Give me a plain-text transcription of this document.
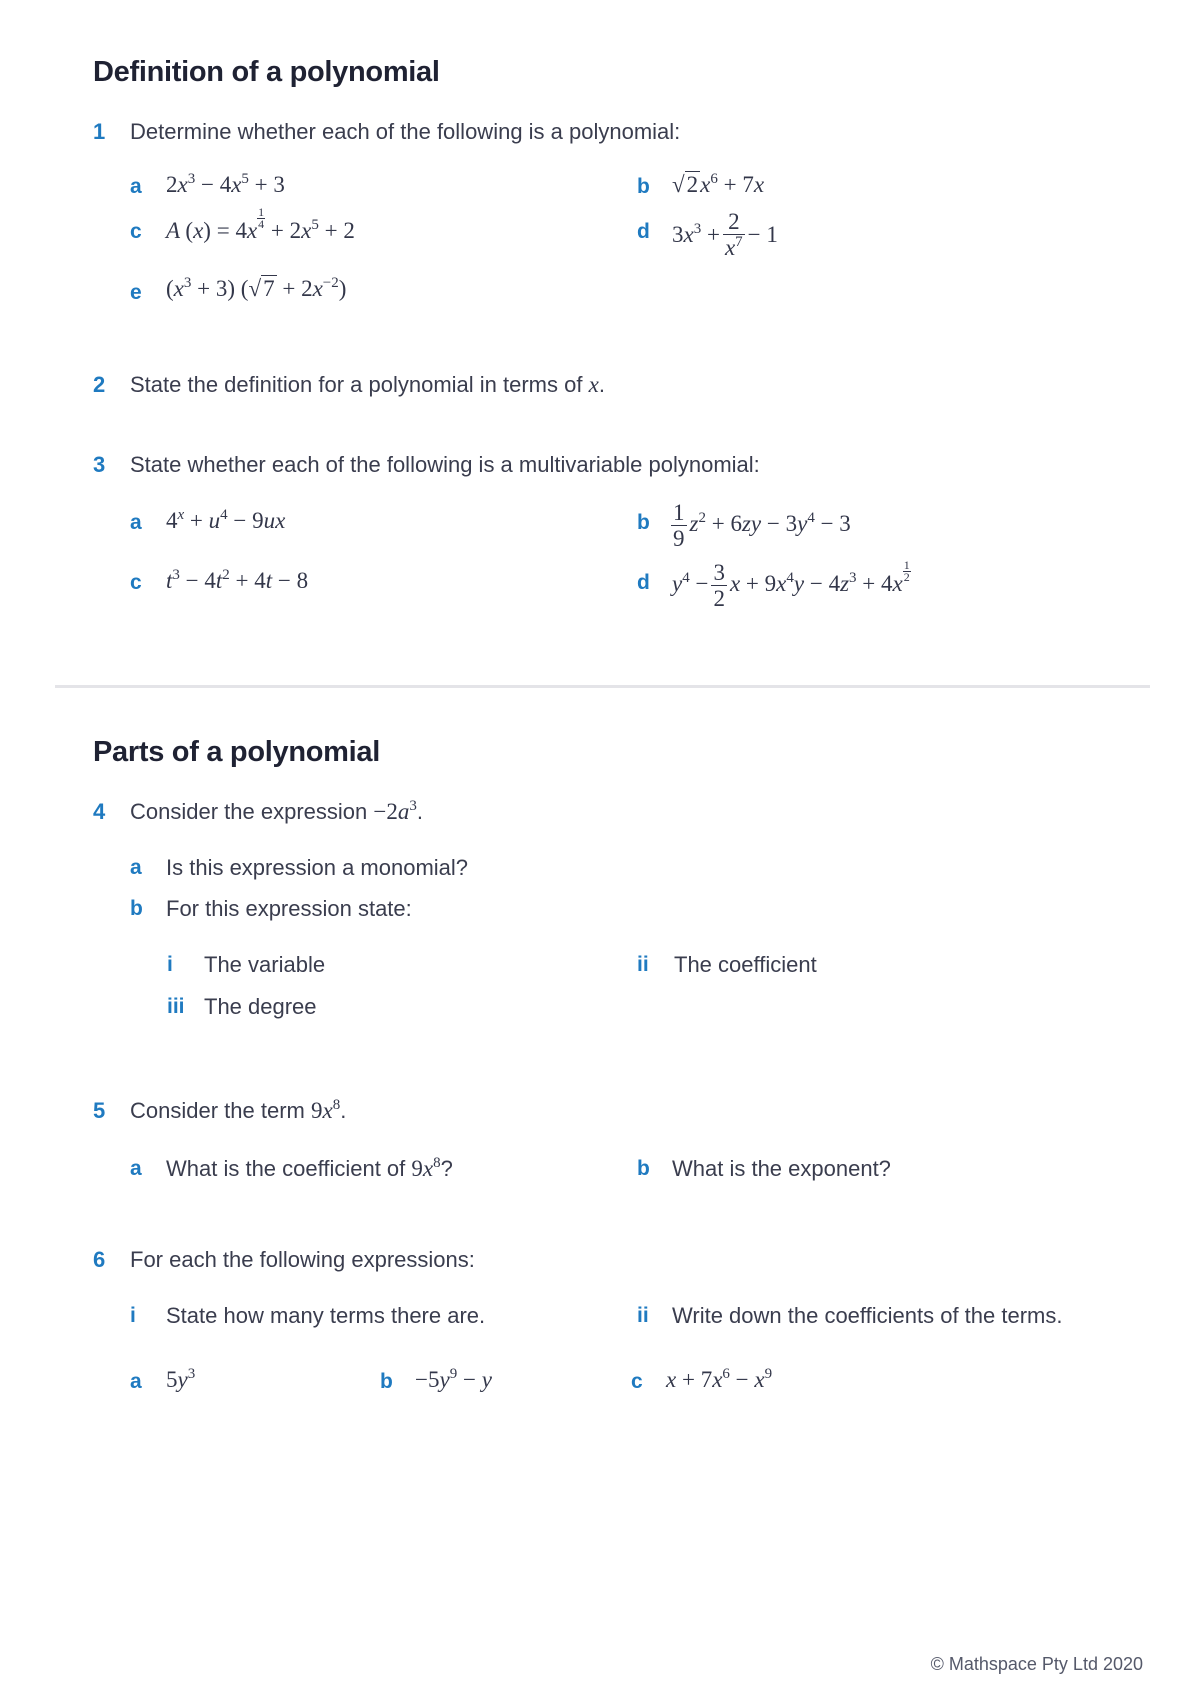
Definition of a polynomial
1 Determine whether each of the following is a polynomial:
a $2x^3 - 4x^5 + 3$	b $√2x^6 + 7x$
c A $(x) = 4x \frac{1}{4} + 2x^5 + 2$	d $3x^3 + \frac{2}{x^7} - 1$
e $(x^3 + 3) (√7 + 2x^{-2})$
2 State the definition for a polynomial in terms of x.
3 State whether each of the following is a multivariable polynomial:
a $4^x + u^4 - 9ux$	b $\frac{1}{9} z^2 + 6zy - 3y^4 - 3$
c $t^3 - 4t^2 + 4t - 8$	d $y^4 - \frac{3}{2}$ $x + 9x^4y - 4z^3 + 4x \frac{1}{2}$
Parts of a polynomial
4 Consider the expression $-2a^3$.
a Is this expression a monomial?
b For this expression state:
i The variable	ii The coefficient
iii The degree
5 Consider the term $9x^8$.
a What is the coefficient of $9x^8$?	b What is the exponent?
6 For each the following expressions:
i State how many terms there are.	ii Write down the coefficients of the terms.
a $5y^3$	$b -5y^9 - y$	c $x + 7x^6 - x^9$
© Mathspace Pty Ltd 2020
